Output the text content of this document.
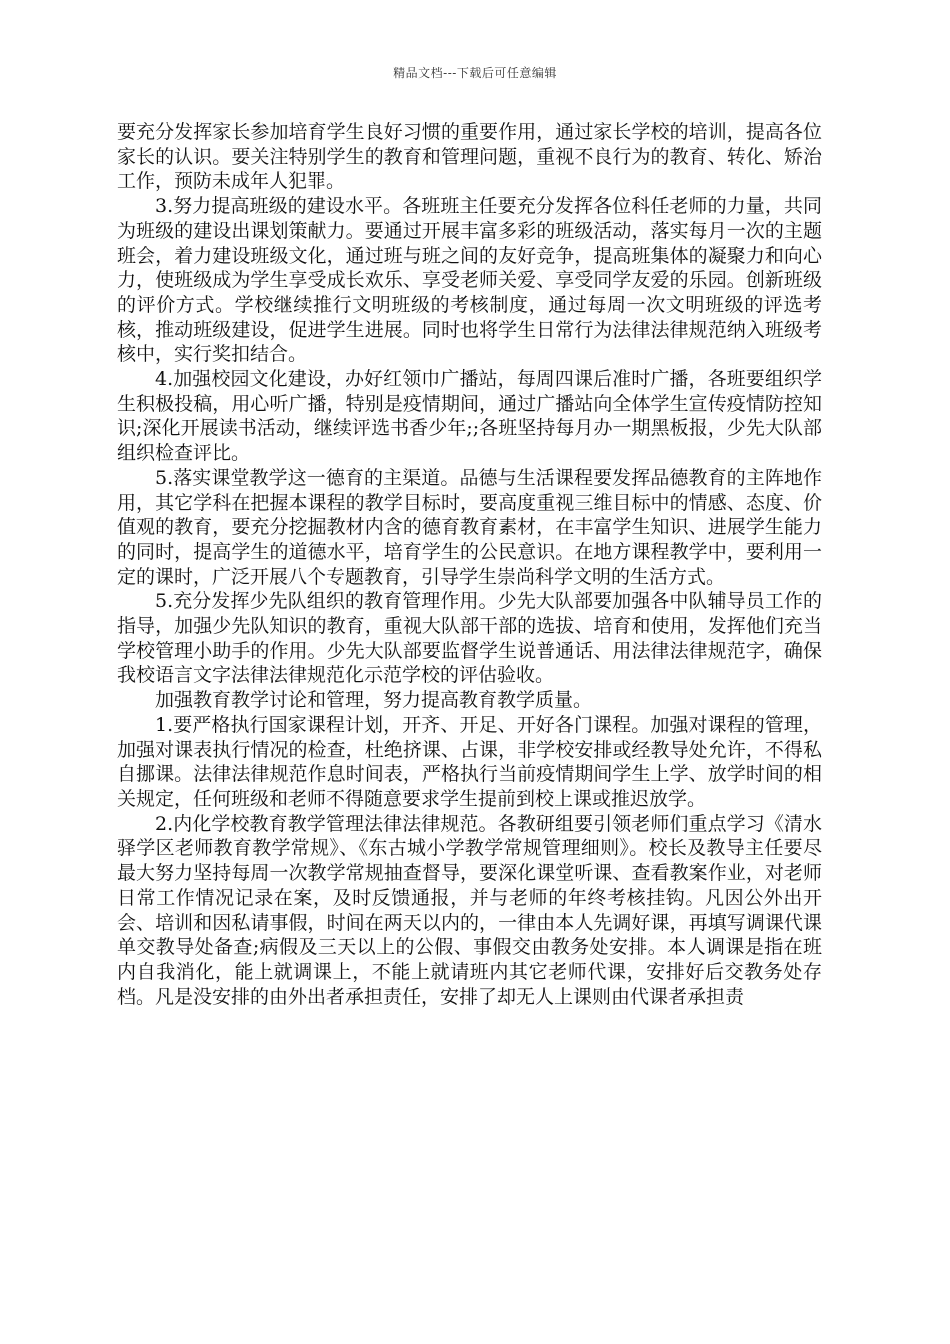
精品文档---下载后可任意编辑

要充分发挥家长参加培育学生良好习惯的重要作用，通过家长学校的培训，提高各位家长的认识。要关注特别学生的教育和管理问题，重视不良行为的教育、转化、矫治工作，预防未成年人犯罪。

3.努力提高班级的建设水平。各班班主任要充分发挥各位科任老师的力量，共同为班级的建设出课划策献力。要通过开展丰富多彩的班级活动，落实每月一次的主题班会，着力建设班级文化，通过班与班之间的友好竞争，提高班集体的凝聚力和向心力，使班级成为学生享受成长欢乐、享受老师关爱、享受同学友爱的乐园。创新班级的评价方式。学校继续推行文明班级的考核制度，通过每周一次文明班级的评选考核，推动班级建设，促进学生进展。同时也将学生日常行为法律法律规范纳入班级考核中，实行奖扣结合。

4.加强校园文化建设，办好红领巾广播站，每周四课后准时广播，各班要组织学生积极投稿，用心听广播，特别是疫情期间，通过广播站向全体学生宣传疫情防控知识;深化开展读书活动，继续评选书香少年;;各班坚持每月办一期黑板报，少先大队部组织检查评比。

5.落实课堂教学这一德育的主渠道。品德与生活课程要发挥品德教育的主阵地作用，其它学科在把握本课程的教学目标时，要高度重视三维目标中的情感、态度、价值观的教育，要充分挖掘教材内含的德育教育素材，在丰富学生知识、进展学生能力的同时，提高学生的道德水平，培育学生的公民意识。在地方课程教学中，要利用一定的课时，广泛开展八个专题教育，引导学生崇尚科学文明的生活方式。

5.充分发挥少先队组织的教育管理作用。少先大队部要加强各中队辅导员工作的指导，加强少先队知识的教育，重视大队部干部的选拔、培育和使用，发挥他们充当学校管理小助手的作用。少先大队部要监督学生说普通话、用法律法律规范字，确保我校语言文字法律法律规范化示范学校的评估验收。

加强教育教学讨论和管理，努力提高教育教学质量。

1.要严格执行国家课程计划，开齐、开足、开好各门课程。加强对课程的管理，加强对课表执行情况的检查，杜绝挤课、占课，非学校安排或经教导处允许，不得私自挪课。法律法律规范作息时间表，严格执行当前疫情期间学生上学、放学时间的相关规定，任何班级和老师不得随意要求学生提前到校上课或推迟放学。

2.内化学校教育教学管理法律法律规范。各教研组要引领老师们重点学习《清水驿学区老师教育教学常规》、《东古城小学教学常规管理细则》。校长及教导主任要尽最大努力坚持每周一次教学常规抽查督导，要深化课堂听课、查看教案作业，对老师日常工作情况记录在案，及时反馈通报，并与老师的年终考核挂钩。凡因公外出开会、培训和因私请事假，时间在两天以内的，一律由本人先调好课，再填写调课代课单交教导处备查;病假及三天以上的公假、事假交由教务处安排。本人调课是指在班内自我消化，能上就调课上，不能上就请班内其它老师代课，安排好后交教务处存档。凡是没安排的由外出者承担责任，安排了却无人上课则由代课者承担责
